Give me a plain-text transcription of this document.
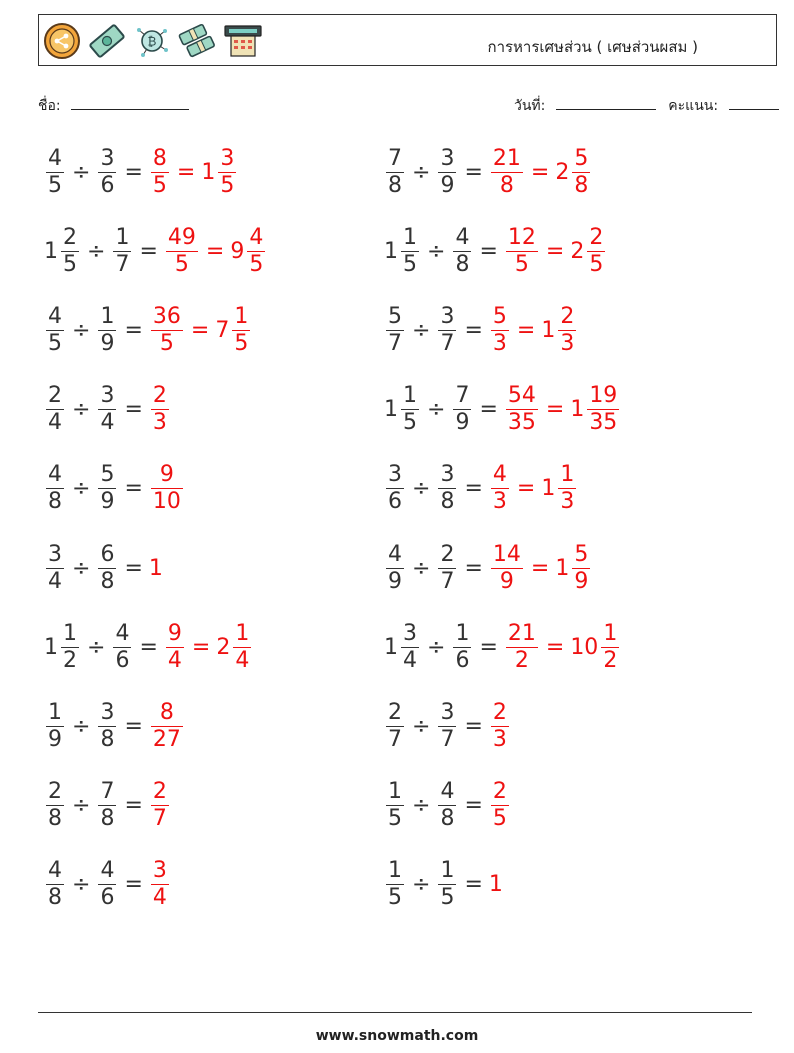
₿	การหารเศษส่วน ( เศษส่วนผสม )
ชื่อ:	วันที่:	คะแนน:
$\frac{4}{5} \div \frac{3}{6} = \frac{8}{5} = 1 \frac{3}{5}$	$\frac{7}{8} \div \frac{3}{9} = \frac{21}{8} = 2 \frac{5}{8}$
$1 \frac{2}{5} \div \frac{1}{7} = \frac{49}{5} = 9 \frac{4}{5}$	$1 \frac{1}{5} \div \frac{4}{8} = \frac{12}{5} = 2 \frac{2}{5}$
$\frac{4}{5} \div \frac{1}{9} = \frac{36}{5} = 7 \frac{1}{5}$	$\frac{5}{7} \div \frac{3}{7} = \frac{5}{3} = 1 \frac{2}{3}$
$\frac{2}{4} \div \frac{3}{4} = \frac{2}{3}$	$1 \frac{1}{5} \div \frac{7}{9} = \frac{54}{35} = 1 \frac{19}{35}$
$\frac{4}{8} \div \frac{5}{9} = \frac{9}{10}$	$\frac{3}{6} \div \frac{3}{8} = \frac{4}{3} = 1 \frac{1}{3}$
$\frac{3}{4} \div \frac{6}{8} = 1$	$\frac{4}{9} \div \frac{2}{7} = \frac{14}{9} = 1 \frac{5}{9}$
$1 \frac{1}{2} \div \frac{4}{6} = \frac{9}{4} = 2 \frac{1}{4}$	$1 \frac{3}{4} \div \frac{1}{6} = \frac{21}{2} = 10 \frac{1}{2}$
$\frac{1}{9} \div \frac{3}{8} = \frac{8}{27}$	$\frac{2}{7} \div \frac{3}{7} = \frac{2}{3}$
$\frac{2}{8} \div \frac{7}{8} = \frac{2}{7}$	$\frac{1}{5} \div \frac{4}{8} = \frac{2}{5}$
$\frac{4}{8} \div \frac{4}{6} = \frac{3}{4}$	$\frac{1}{5} \div \frac{1}{5} = 1$
www.snowmath.com
